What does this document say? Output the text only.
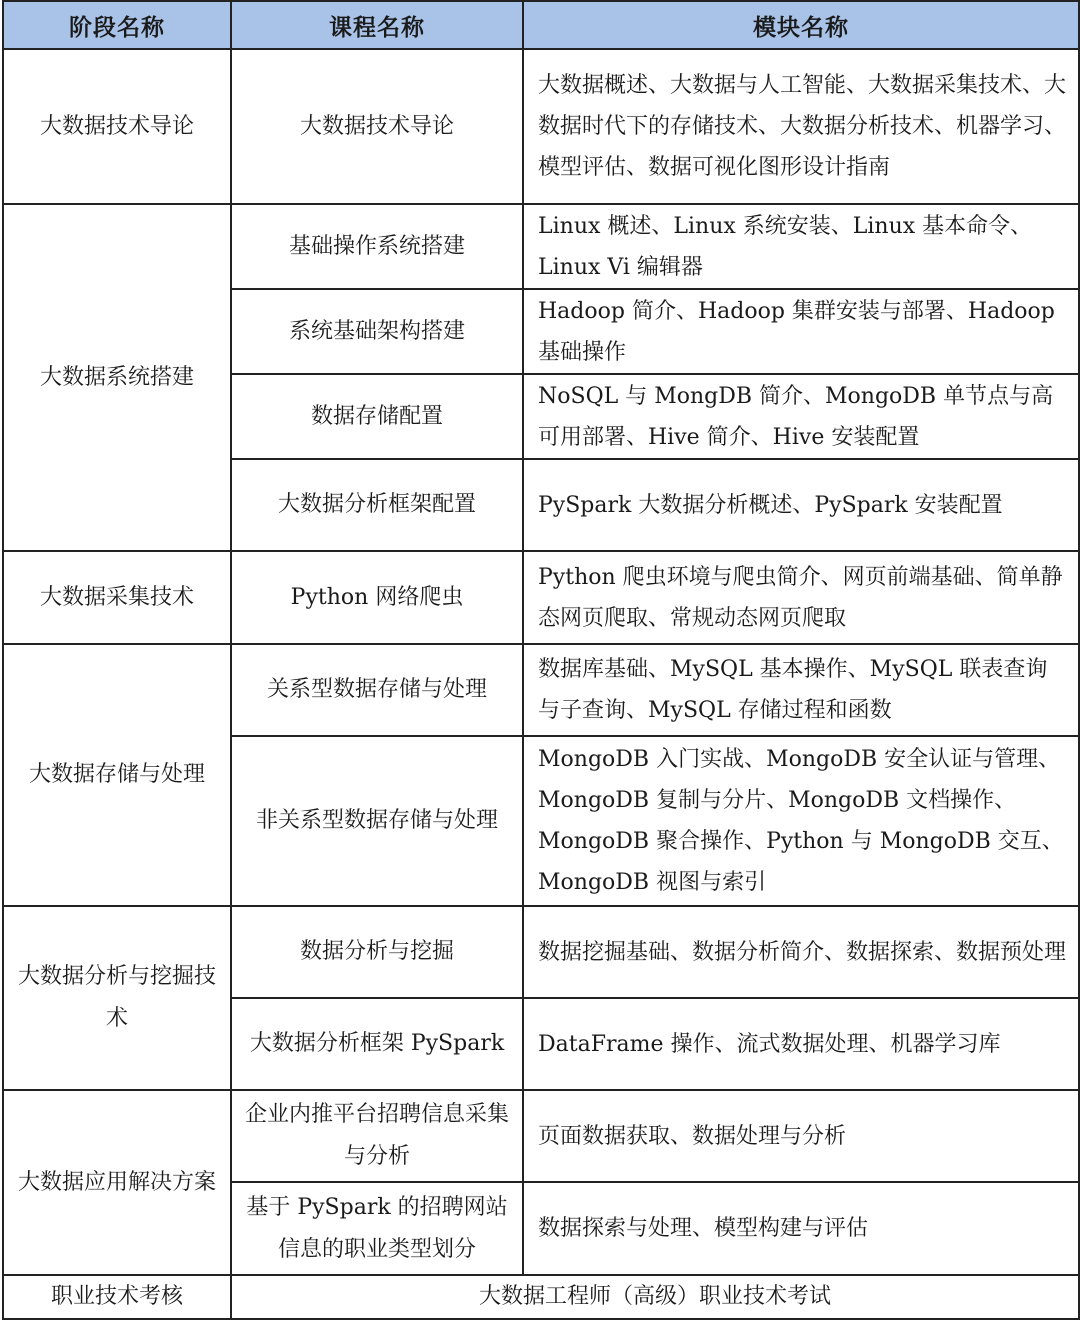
阶段名称	课程名称	模块名称
大数据技术导论	大数据技术导论	大数据概述、大数据与人工智能、大数据采集技术、大数据时代下的存储技术、大数据分析技术、机器学习、模型评估、数据可视化图形设计指南
大数据系统搭建	基础操作系统搭建	Linux 概述、Linux 系统安装、Linux 基本命令、Linux Vi 编辑器
	系统基础架构搭建	Hadoop 简介、Hadoop 集群安装与部署、Hadoop 基础操作
	数据存储配置	NoSQL 与 MongDB 简介、MongoDB 单节点与高可用部署、Hive 简介、Hive 安装配置
	大数据分析框架配置	PySpark 大数据分析概述、PySpark 安装配置
大数据采集技术	Python 网络爬虫	Python 爬虫环境与爬虫简介、网页前端基础、简单静态网页爬取、常规动态网页爬取
大数据存储与处理	关系型数据存储与处理	数据库基础、MySQL 基本操作、MySQL 联表查询与子查询、MySQL 存储过程和函数
	非关系型数据存储与处理	MongoDB 入门实战、MongoDB 安全认证与管理、MongoDB 复制与分片、MongoDB 文档操作、MongoDB 聚合操作、Python 与 MongoDB 交互、MongoDB 视图与索引
大数据分析与挖掘技术	数据分析与挖掘	数据挖掘基础、数据分析简介、数据探索、数据预处理
	大数据分析框架 PySpark	DataFrame 操作、流式数据处理、机器学习库
大数据应用解决方案	企业内推平台招聘信息采集与分析	页面数据获取、数据处理与分析
	基于 PySpark 的招聘网站信息的职业类型划分	数据探索与处理、模型构建与评估
职业技术考核	大数据工程师（高级）职业技术考试	
